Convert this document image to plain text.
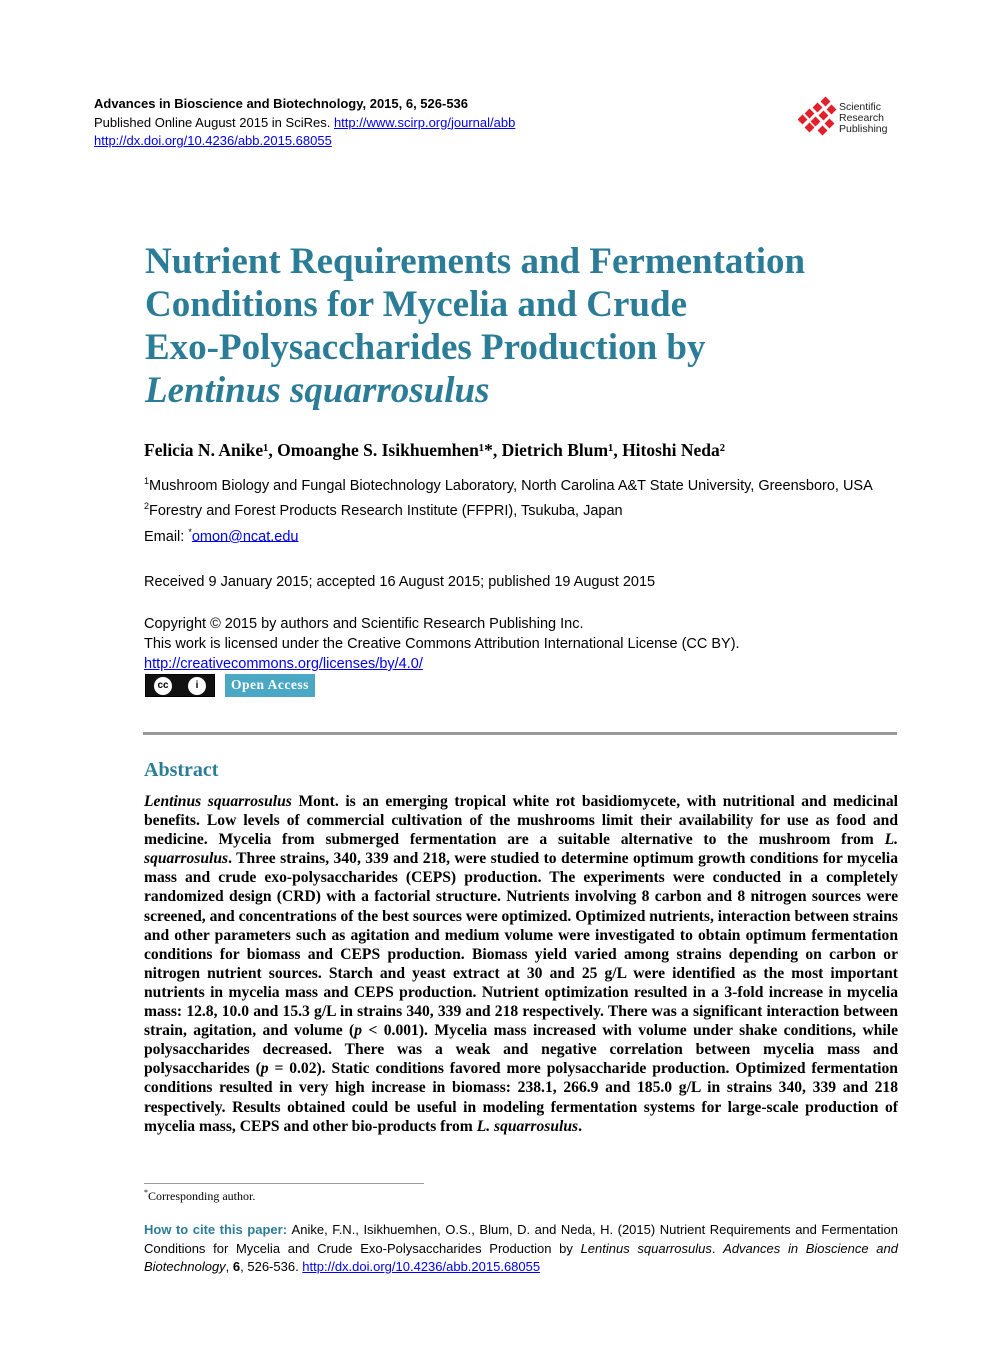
Advances in Bioscience and Biotechnology, 2015, 6, 526-536
Published Online August 2015 in SciRes. http://www.scirp.org/journal/abb
http://dx.doi.org/10.4236/abb.2015.68055
Scientific
Research
Publishing
Nutrient Requirements and Fermentation
Conditions for Mycelia and Crude
Exo-Polysaccharides Production by
Lentinus squarrosulus
Felicia N. Anike¹, Omoanghe S. Isikhuemhen¹*, Dietrich Blum¹, Hitoshi Neda²
$^1$Mushroom Biology and Fungal Biotechnology Laboratory, North Carolina A&T State University, Greensboro, USA
$^2$Forestry and Forest Products Research Institute (FFPRI), Tsukuba, Japan
Email: *omon@ncat.edu
Received 9 January 2015; accepted 16 August 2015; published 19 August 2015
Copyright © 2015 by authors and Scientific Research Publishing Inc.
This work is licensed under the Creative Commons Attribution International License (CC BY).
http://creativecommons.org/licenses/by/4.0/
cc	i	Open Access
Abstract
Lentinus squarrosulus Mont. is an emerging tropical white rot basidiomycete, with nutritional and medicinal benefits. Low levels of commercial cultivation of the mushrooms limit their availability for use as food and medicine. Mycelia from submerged fermentation are a suitable alternative to the mushroom from L. squarrosulus. Three strains, 340, 339 and 218, were studied to determine optimum growth conditions for mycelia mass and crude exo-polysaccharides (CEPS) production. The experiments were conducted in a completely randomized design (CRD) with a factorial structure. Nutrients involving 8 carbon and 8 nitrogen sources were screened, and concentrations of the best sources were optimized. Optimized nutrients, interaction between strains and other parameters such as agitation and medium volume were investigated to obtain optimum fermentation conditions for biomass and CEPS production. Biomass yield varied among strains depending on carbon or nitrogen nutrient sources. Starch and yeast extract at 30 and 25 g/L were identified as the most important nutrients in mycelia mass and CEPS production. Nutrient optimization resulted in a 3-fold increase in mycelia mass: 12.8, 10.0 and 15.3 g/L in strains 340, 339 and 218 respectively. There was a significant interaction between strain, agitation, and volume (p < 0.001). Mycelia mass increased with volume under shake conditions, while polysaccharides decreased. There was a weak and negative correlation between mycelia mass and polysaccharides (p = 0.02). Static conditions favored more polysaccharide production. Optimized fermentation conditions resulted in very high increase in biomass: 238.1, 266.9 and 185.0 g/L in strains 340, 339 and 218 respectively. Results obtained could be useful in modeling fermentation systems for large-scale production of mycelia mass, CEPS and other bio-products from L. squarrosulus.
*Corresponding author.
How to cite this paper: Anike, F.N., Isikhuemhen, O.S., Blum, D. and Neda, H. (2015) Nutrient Requirements and Fermentation Conditions for Mycelia and Crude Exo-Polysaccharides Production by Lentinus squarrosulus. Advances in Bioscience and Biotechnology, 6, 526-536. http://dx.doi.org/10.4236/abb.2015.68055
